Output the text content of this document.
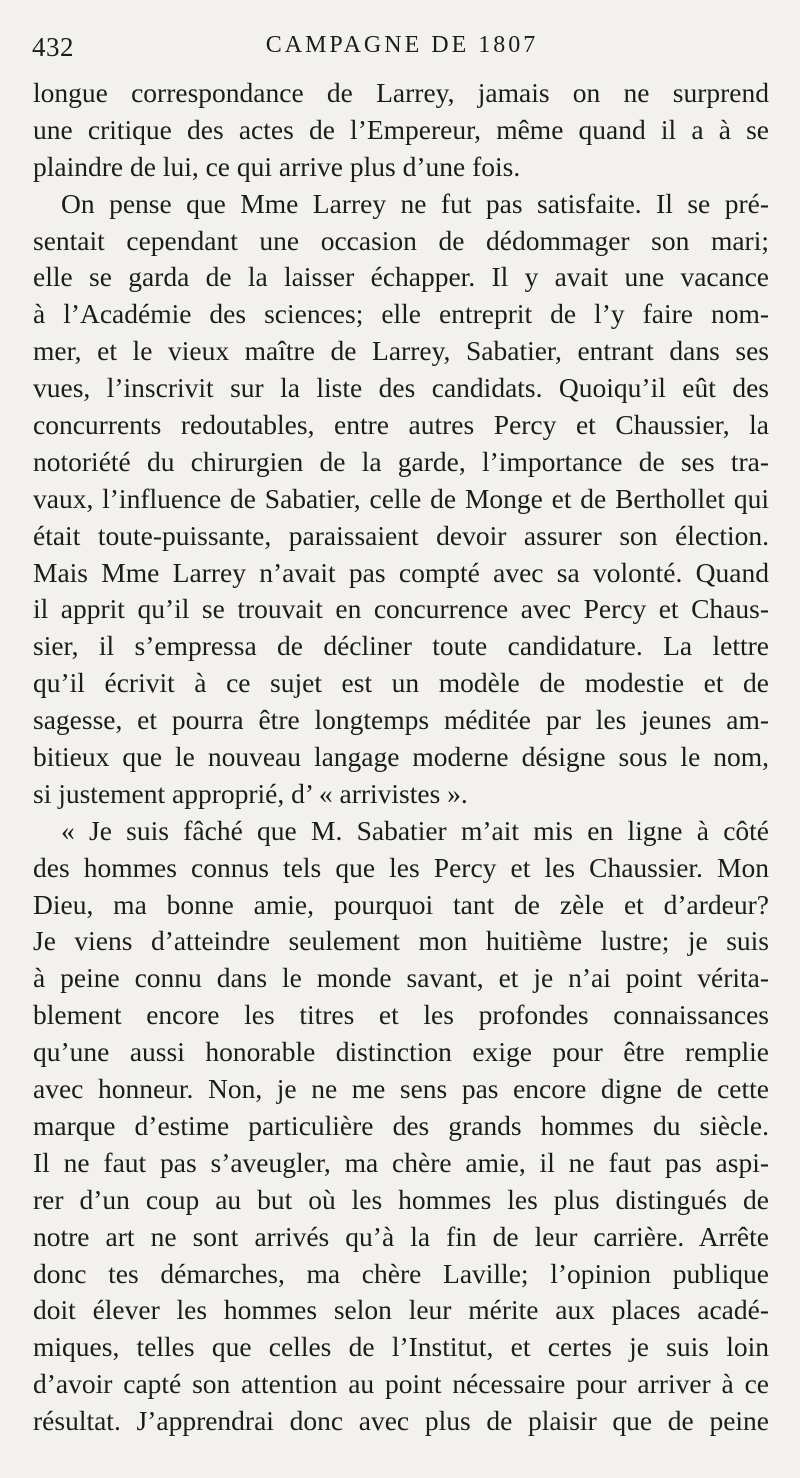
432	CAMPAGNE DE 1807
longue correspondance de Larrey, jamais on ne surprend
une critique des actes de l’Empereur, même quand il a à se
plaindre de lui, ce qui arrive plus d’une fois.
On pense que Mme Larrey ne fut pas satisfaite. Il se pré-
sentait cependant une occasion de dédommager son mari;
elle se garda de la laisser échapper. Il y avait une vacance
à l’Académie des sciences; elle entreprit de l’y faire nom-
mer, et le vieux maître de Larrey, Sabatier, entrant dans ses
vues, l’inscrivit sur la liste des candidats. Quoiqu’il eût des
concurrents redoutables, entre autres Percy et Chaussier, la
notoriété du chirurgien de la garde, l’importance de ses tra-
vaux, l’influence de Sabatier, celle de Monge et de Berthollet qui
était toute-puissante, paraissaient devoir assurer son élection.
Mais Mme Larrey n’avait pas compté avec sa volonté. Quand
il apprit qu’il se trouvait en concurrence avec Percy et Chaus-
sier, il s’empressa de décliner toute candidature. La lettre
qu’il écrivit à ce sujet est un modèle de modestie et de
sagesse, et pourra être longtemps méditée par les jeunes am-
bitieux que le nouveau langage moderne désigne sous le nom,
si justement approprié, d’ « arrivistes ».
« Je suis fâché que M. Sabatier m’ait mis en ligne à côté
des hommes connus tels que les Percy et les Chaussier. Mon
Dieu, ma bonne amie, pourquoi tant de zèle et d’ardeur?
Je viens d’atteindre seulement mon huitième lustre; je suis
à peine connu dans le monde savant, et je n’ai point vérita-
blement encore les titres et les profondes connaissances
qu’une aussi honorable distinction exige pour être remplie
avec honneur. Non, je ne me sens pas encore digne de cette
marque d’estime particulière des grands hommes du siècle.
Il ne faut pas s’aveugler, ma chère amie, il ne faut pas aspi-
rer d’un coup au but où les hommes les plus distingués de
notre art ne sont arrivés qu’à la fin de leur carrière. Arrête
donc tes démarches, ma chère Laville; l’opinion publique
doit élever les hommes selon leur mérite aux places acadé-
miques, telles que celles de l’Institut, et certes je suis loin
d’avoir capté son attention au point nécessaire pour arriver à ce
résultat. J’apprendrai donc avec plus de plaisir que de peine
